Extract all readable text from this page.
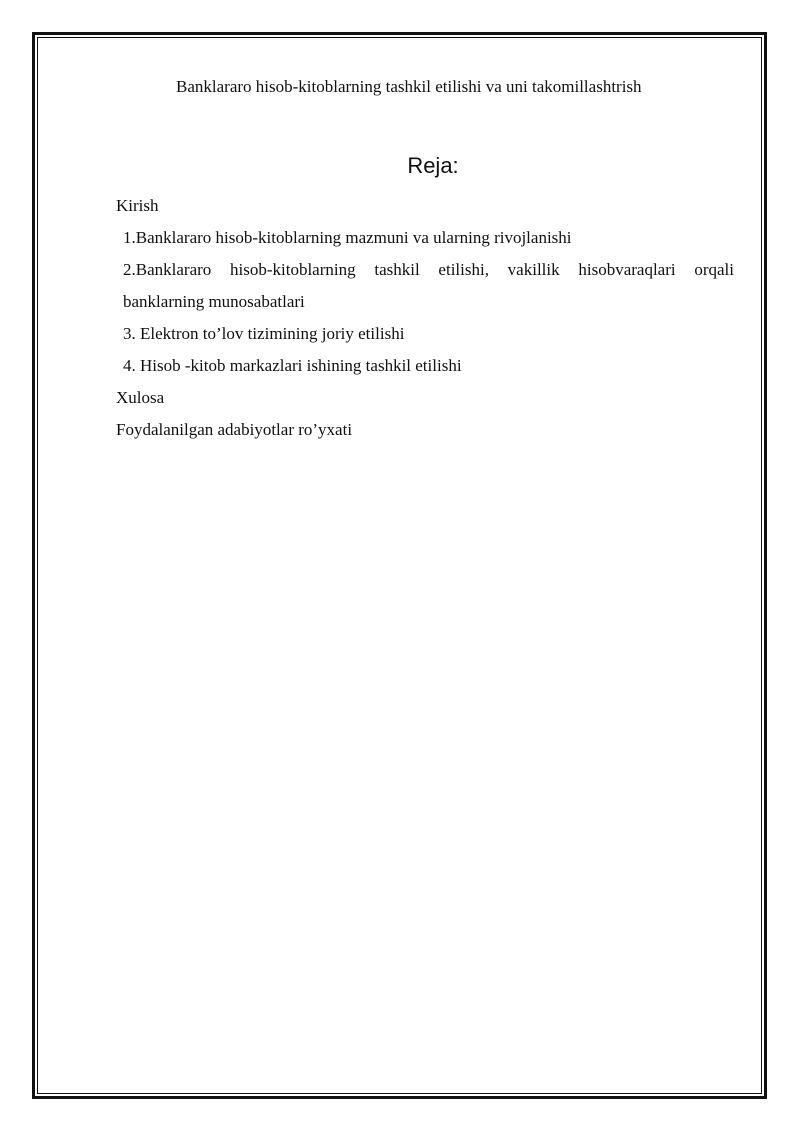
Banklararo hisob-kitoblarning tashkil etilishi va uni takomillashtrish
Reja:
Kirish
1.Banklararo hisob-kitoblarning mazmuni va ularning rivojlanishi
2.Banklararo hisob-kitoblarning tashkil etilishi, vakillik hisobvaraqlari orqali
banklarning munosabatlari
3. Elektron to’lov tizimining joriy etilishi
4. Hisob -kitob markazlari ishining tashkil etilishi
Xulosa
Foydalanilgan adabiyotlar ro’yxati
